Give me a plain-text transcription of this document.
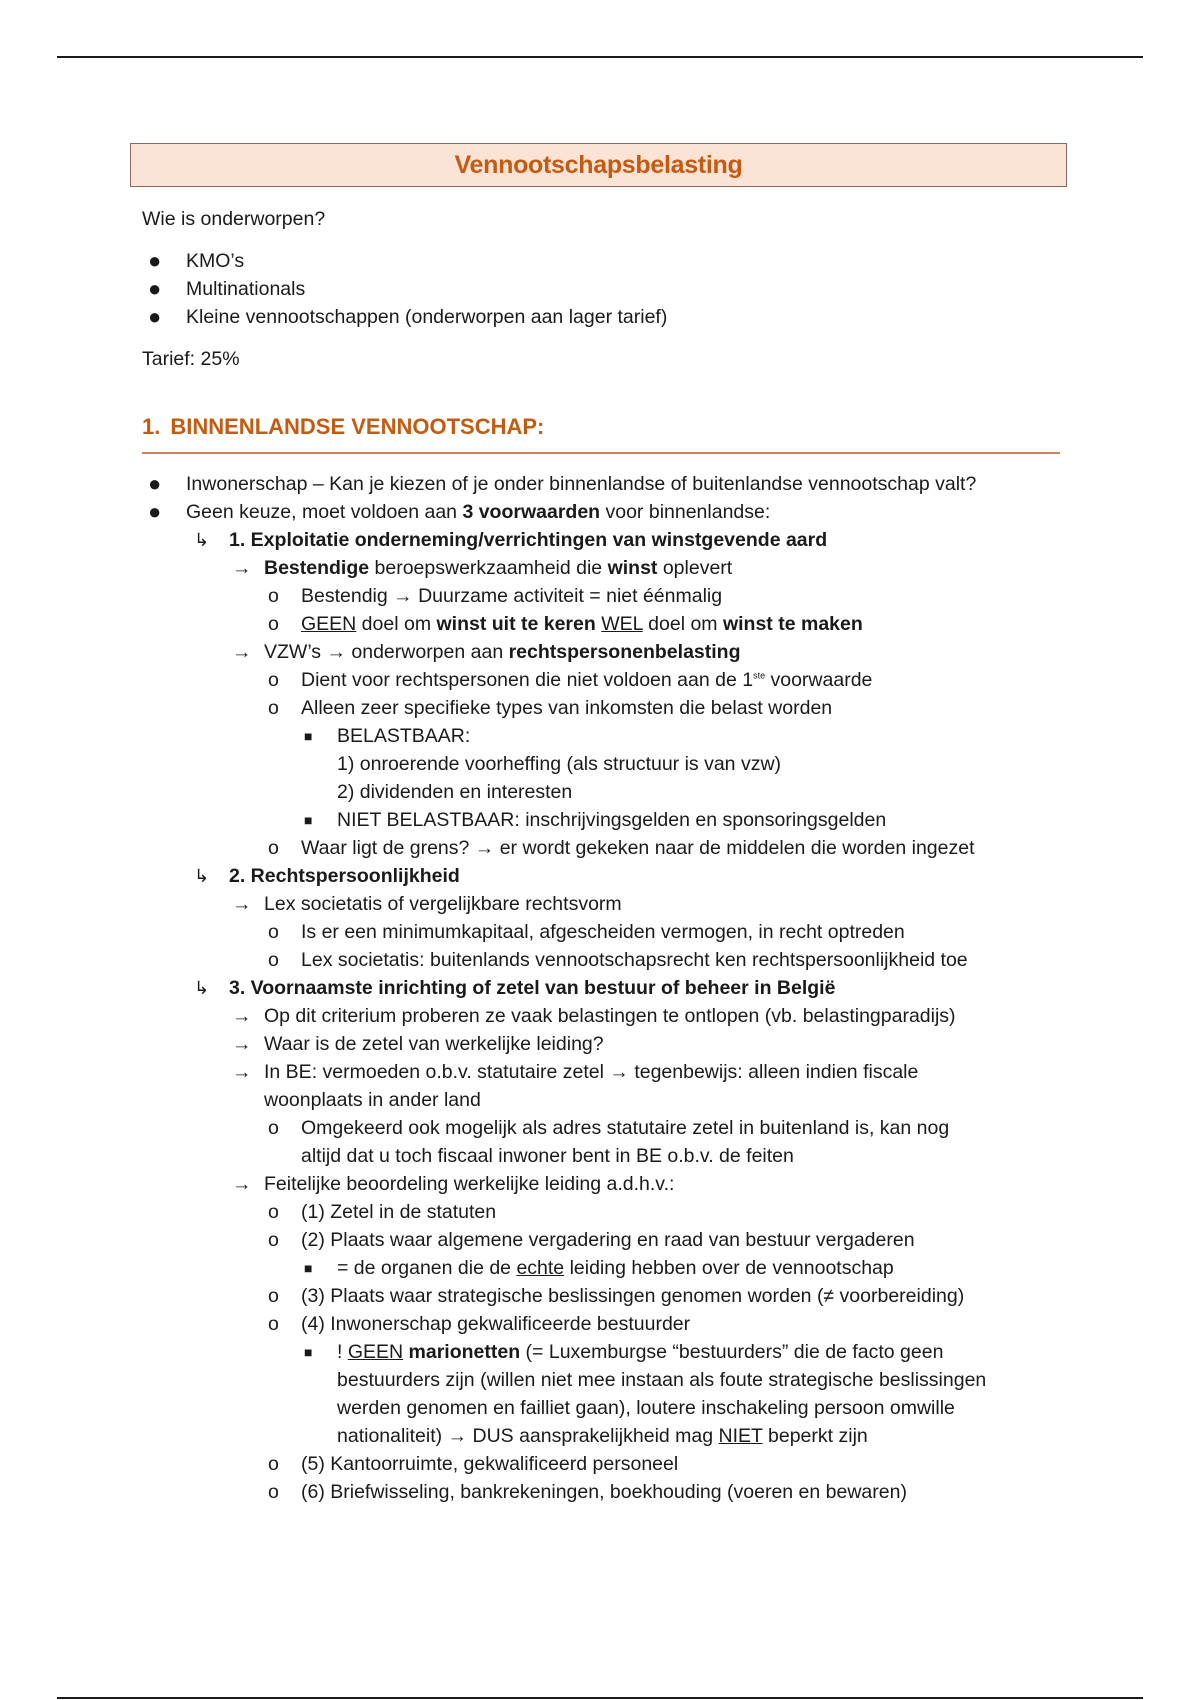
Vennootschapsbelasting
Wie is onderworpen?
● KMO’s
● Multinationals
● Kleine vennootschappen (onderworpen aan lager tarief)
Tarief: 25%
1. BINNENLANDSE VENNOOTSCHAP:
● Inwonerschap – Kan je kiezen of je onder binnenlandse of buitenlandse vennootschap valt?
● Geen keuze, moet voldoen aan 3 voorwaarden voor binnenlandse:
↳ 1. Exploitatie onderneming/verrichtingen van winstgevende aard
→ Bestendige beroepswerkzaamheid die winst oplevert
o Bestendig → Duurzame activiteit = niet éénmalig
o GEEN doel om winst uit te keren WEL doel om winst te maken
→ VZW’s → onderworpen aan rechtspersonenbelasting
o Dient voor rechtspersonen die niet voldoen aan de 1ste voorwaarde
o Alleen zeer specifieke types van inkomsten die belast worden
■ BELASTBAAR:
1) onroerende voorheffing (als structuur is van vzw)
2) dividenden en interesten
■ NIET BELASTBAAR: inschrijvingsgelden en sponsoringsgelden
o Waar ligt de grens? → er wordt gekeken naar de middelen die worden ingezet
↳ 2. Rechtspersoonlijkheid
→ Lex societatis of vergelijkbare rechtsvorm
o Is er een minimumkapitaal, afgescheiden vermogen, in recht optreden
o Lex societatis: buitenlands vennootschapsrecht ken rechtspersoonlijkheid toe
↳ 3. Voornaamste inrichting of zetel van bestuur of beheer in België
→ Op dit criterium proberen ze vaak belastingen te ontlopen (vb. belastingparadijs)
→ Waar is de zetel van werkelijke leiding?
→ In BE: vermoeden o.b.v. statutaire zetel → tegenbewijs: alleen indien fiscale
woonplaats in ander land
o Omgekeerd ook mogelijk als adres statutaire zetel in buitenland is, kan nog
altijd dat u toch fiscaal inwoner bent in BE o.b.v. de feiten
→ Feitelijke beoordeling werkelijke leiding a.d.h.v.:
o (1) Zetel in de statuten
o (2) Plaats waar algemene vergadering en raad van bestuur vergaderen
■ = de organen die de echte leiding hebben over de vennootschap
o (3) Plaats waar strategische beslissingen genomen worden (≠ voorbereiding)
o (4) Inwonerschap gekwalificeerde bestuurder
■ ! GEEN marionetten (= Luxemburgse “bestuurders” die de facto geen
bestuurders zijn (willen niet mee instaan als foute strategische beslissingen
werden genomen en failliet gaan), loutere inschakeling persoon omwille
nationaliteit) → DUS aansprakelijkheid mag NIET beperkt zijn
o (5) Kantoorruimte, gekwalificeerd personeel
o (6) Briefwisseling, bankrekeningen, boekhouding (voeren en bewaren)
